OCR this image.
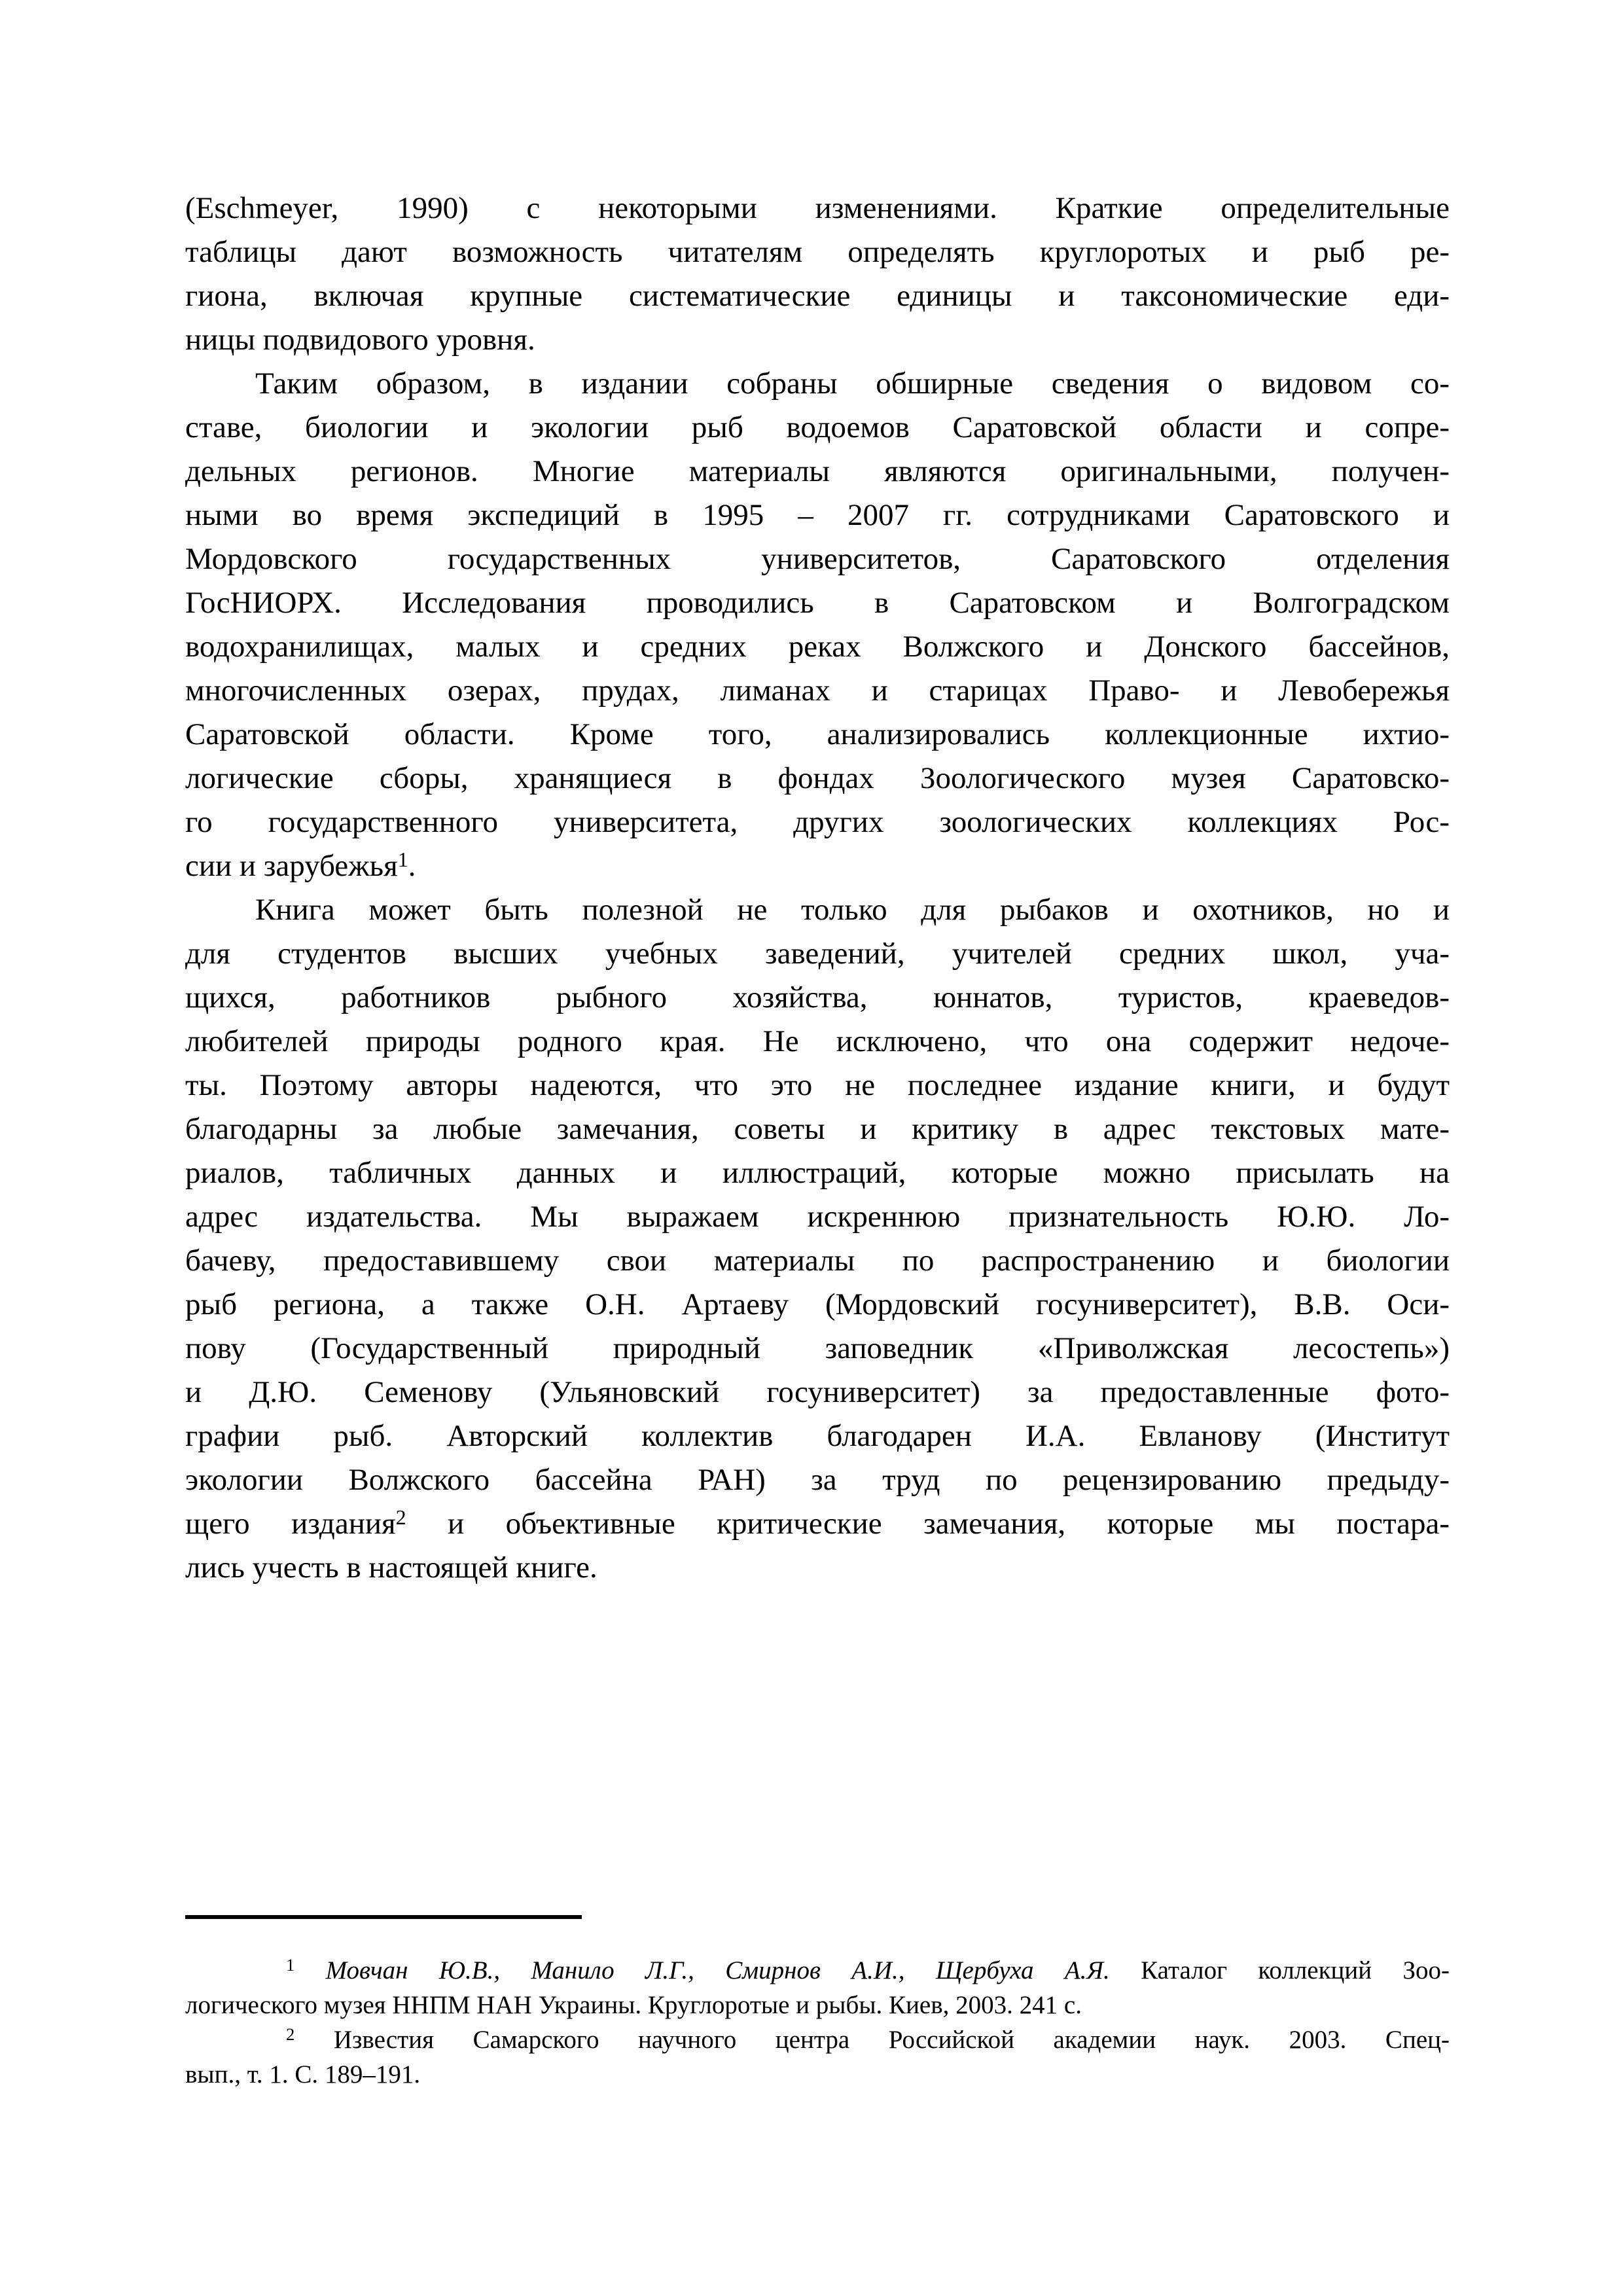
(Eschmeyer, 1990) с некоторыми изменениями. Краткие определительные
таблицы дают возможность читателям определять круглоротых и рыб ре-
гиона, включая крупные систематические единицы и таксономические еди-
ницы подвидового уровня.
Таким образом, в издании собраны обширные сведения о видовом со-
ставе, биологии и экологии рыб водоемов Саратовской области и сопре-
дельных регионов. Многие материалы являются оригинальными, получен-
ными во время экспедиций в 1995 – 2007 гг. сотрудниками Саратовского и
Мордовского государственных университетов, Саратовского отделения
ГосНИОРХ. Исследования проводились в Саратовском и Волгоградском
водохранилищах, малых и средних реках Волжского и Донского бассейнов,
многочисленных озерах, прудах, лиманах и старицах Право- и Левобережья
Саратовской области. Кроме того, анализировались коллекционные ихтио-
логические сборы, хранящиеся в фондах Зоологического музея Саратовско-
го государственного университета, других зоологических коллекциях Рос-
сии и зарубежья$^1$.
Книга может быть полезной не только для рыбаков и охотников, но и
для студентов высших учебных заведений, учителей средних школ, уча-
щихся, работников рыбного хозяйства, юннатов, туристов, краеведов-
любителей природы родного края. Не исключено, что она содержит недоче-
ты. Поэтому авторы надеются, что это не последнее издание книги, и будут
благодарны за любые замечания, советы и критику в адрес текстовых мате-
риалов, табличных данных и иллюстраций, которые можно присылать на
адрес издательства. Мы выражаем искреннюю признательность Ю.Ю. Ло-
бачеву, предоставившему свои материалы по распространению и биологии
рыб региона, а также О.Н. Артаеву (Мордовский госуниверситет), В.В. Оси-
пову (Государственный природный заповедник «Приволжская лесостепь»)
и Д.Ю. Семенову (Ульяновский госуниверситет) за предоставленные фото-
графии рыб. Авторский коллектив благодарен И.А. Евланову (Институт
экологии Волжского бассейна РАН) за труд по рецензированию предыду-
щего издания$^2$ и объективные критические замечания, которые мы постара-
лись учесть в настоящей книге.
$^1$ Мовчан Ю.В., Манило Л.Г., Смирнов А.И., Щербуха А.Я. Каталог коллекций Зоо-
логического музея ННПМ НАН Украины. Круглоротые и рыбы. Киев, 2003. 241 с.
$^2$ Известия Самарского научного центра Российской академии наук. 2003. Спец-
вып., т. 1. С. 189–191.
